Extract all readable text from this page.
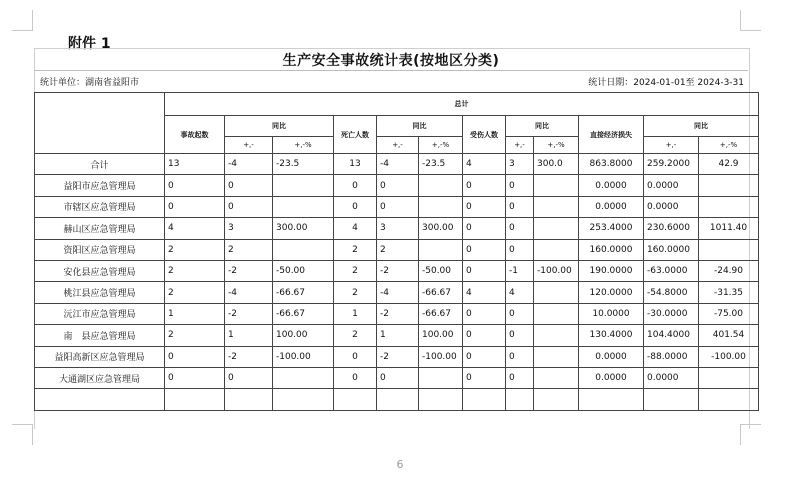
附件 1
生产安全事故统计表(按地区分类)
统计单位：湖南省益阳市	统计日期：2024-01-01至 2024-3-31
	总计											
	事故起数	同比		死亡人数	同比		受伤人数	同比		直接经济损失	同比	
		+,-	+,-%		+,-	+,-%		+,-	+,-%		+,-	+,-%
合计	13	-4	-23.5	13	-4	-23.5	4	3	300.0	863.8000	259.2000	42.9
益阳市应急管理局	0	0		0	0		0	0		0.0000	0.0000	
市辖区应急管理局	0	0		0	0		0	0		0.0000	0.0000	
赫山区应急管理局	4	3	300.00	4	3	300.00	0	0		253.4000	230.6000	1011.40
资阳区应急管理局	2	2		2	2		0	0		160.0000	160.0000	
安化县应急管理局	2	-2	-50.00	2	-2	-50.00	0	-1	-100.00	190.0000	-63.0000	-24.90
桃江县应急管理局	2	-4	-66.67	2	-4	-66.67	4	4		120.0000	-54.8000	-31.35
沅江市应急管理局	1	-2	-66.67	1	-2	-66.67	0	0		10.0000	-30.0000	-75.00
南　县应急管理局	2	1	100.00	2	1	100.00	0	0		130.4000	104.4000	401.54
益阳高新区应急管理局	0	-2	-100.00	0	-2	-100.00	0	0		0.0000	-88.0000	-100.00
大通湖区应急管理局	0	0		0	0		0	0		0.0000	0.0000	

6
